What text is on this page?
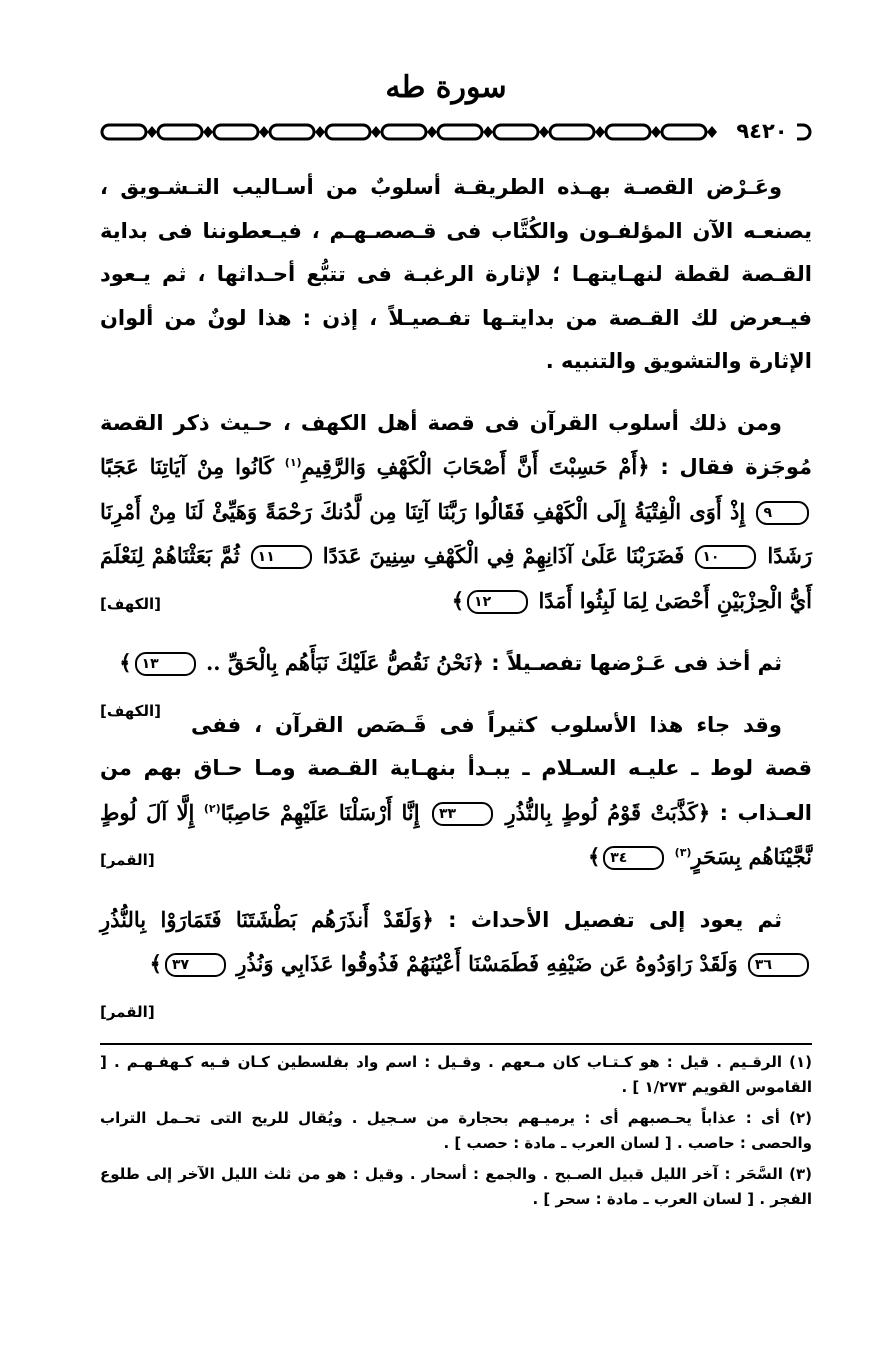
سورة طه
٩٤٢٠

وعَـرْض القصـة بهـذه الطريقـة أسلوبٌ من أسـاليب التـشـويق ، يصنعـه الآن المؤلفـون والكُتَّاب فى قـصصـهـم ، فيـعطوننا فى بداية القـصة لقطة لنهـايتهـا ؛ لإثارة الرغبـة فى تتبُّع أحـداثها ، ثم يـعود فيـعرض لك القـصة من بدايتـها تفـصيـلاً ، إذن : هذا لونٌ من ألوان الإثارة والتشويق والتنبيه .

ومن ذلك أسلوب القرآن فى قصة أهل الكهف ، حـيث ذكر القصة مُوجَزة فقال : ﴿أَمْ حَسِبْتَ أَنَّ أَصْحَابَ الْكَهْفِ وَالرَّقِيمِ$^{(١)}$ كَانُوا مِنْ آيَاتِنَا عَجَبًا ٩ إِذْ أَوَى الْفِتْيَةُ إِلَى الْكَهْفِ فَقَالُوا رَبَّنَا آتِنَا مِن لَّدُنكَ رَحْمَةً وَهَيِّئْ لَنَا مِنْ أَمْرِنَا رَشَدًا ١٠ فَضَرَبْنَا عَلَىٰ آذَانِهِمْ فِي الْكَهْفِ سِنِينَ عَدَدًا ١١ ثُمَّ بَعَثْنَاهُمْ لِنَعْلَمَ أَيُّ الْحِزْبَيْنِ أَحْصَىٰ لِمَا لَبِثُوا أَمَدًا ١٢﴾
[الكهف]
ثم أخذ فى عَـرْضها تفصـيلاً : ﴿نَحْنُ نَقُصُّ عَلَيْكَ نَبَأَهُم بِالْحَقِّ .. ١٣﴾
[الكهف]
وقد جاء هذا الأسلوب كثيراً فى قَـصَص القرآن ، ففى قصة لوط ـ عليـه السـلام ـ يبـدأ بنهـاية القـصة ومـا حـاق بهم من العـذاب : ﴿كَذَّبَتْ قَوْمُ لُوطٍ بِالنُّذُرِ ٣٣ إِنَّا أَرْسَلْنَا عَلَيْهِمْ حَاصِبًا$^{(٢)}$ إِلَّا آلَ لُوطٍ نَّجَّيْنَاهُم بِسَحَرٍ$^{(٣)}$ ٣٤﴾
[القمر]
ثم يعود إلى تفصيل الأحداث : ﴿وَلَقَدْ أَنذَرَهُم بَطْشَتَنَا فَتَمَارَوْا بِالنُّذُرِ ٣٦ وَلَقَدْ رَاوَدُوهُ عَن ضَيْفِهِ فَطَمَسْنَا أَعْيُنَهُمْ فَذُوقُوا عَذَابِي وَنُذُرِ ٣٧﴾
[القمر]

(١) الرقـيم . قيل : هو كـتـاب كان مـعهم . وقـيل : اسم واد بفلسطين كـان فـيه كـهفـهـم . [ القاموس القويم ١/٢٧٣ ] .

(٢) أى : عذاباً يحـصبهم أى : يرميـهم بحجارة من سـجيل . ويُقال للريح التى تحـمل التراب والحصى : حاصب . [ لسان العرب ـ مادة : حصب ] .

(٣) السَّحَر : آخر الليل قبيل الصـبح . والجمع : أسحار . وقيل : هو من ثلث الليل الآخر إلى طلوع الفجر . [ لسان العرب ـ مادة : سحر ] .
